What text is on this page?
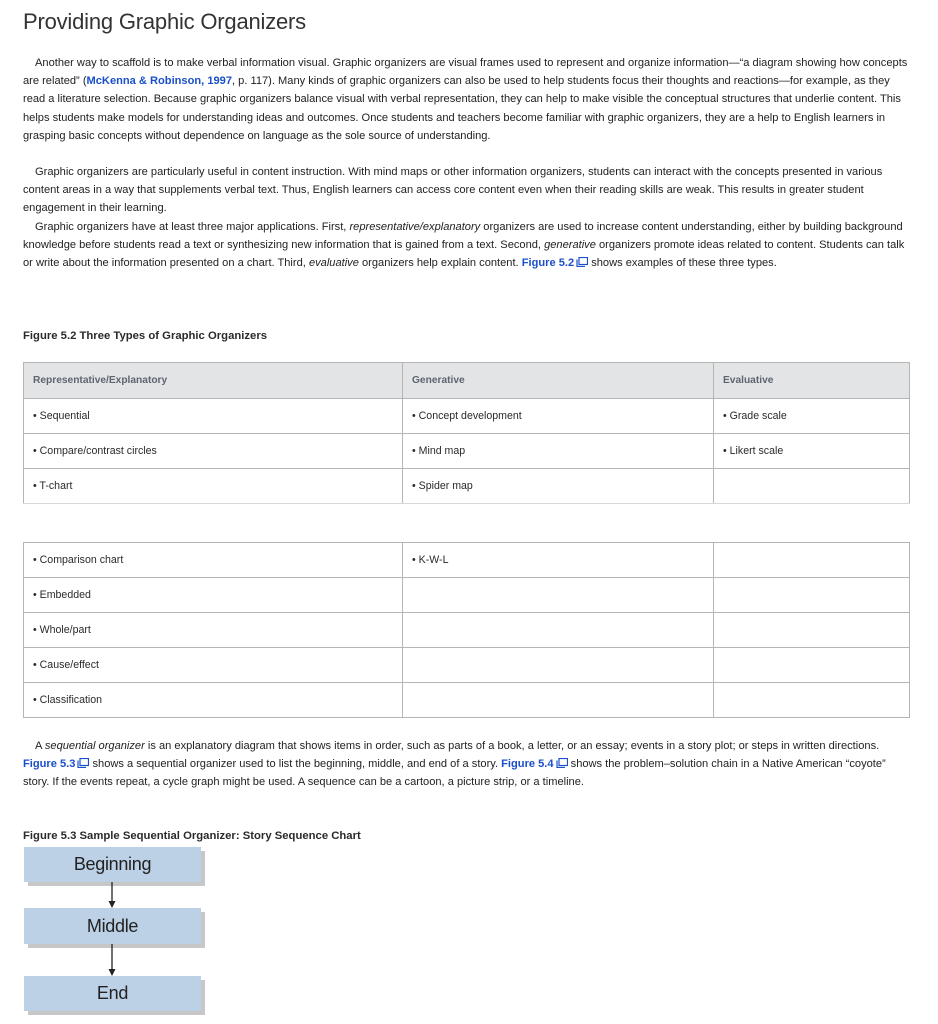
Providing Graphic Organizers

Another way to scaffold is to make verbal information visual. Graphic organizers are visual frames used to represent and organize information—“a diagram showing how concepts are related” (McKenna & Robinson, 1997, p. 117). Many kinds of graphic organizers can also be used to help students focus their thoughts and reactions—for example, as they read a literature selection. Because graphic organizers balance visual with verbal representation, they can help to make visible the conceptual structures that underlie content. This helps students make models for understanding ideas and outcomes. Once students and teachers become familiar with graphic organizers, they are a help to English learners in grasping basic concepts without dependence on language as the sole source of understanding.

Graphic organizers are particularly useful in content instruction. With mind maps or other information organizers, students can interact with the concepts presented in various content areas in a way that supplements verbal text. Thus, English learners can access core content even when their reading skills are weak. This results in greater student engagement in their learning.

Graphic organizers have at least three major applications. First, representative/explanatory organizers are used to increase content understanding, either by building background knowledge before students read a text or synthesizing new information that is gained from a text. Second, generative organizers promote ideas related to content. Students can talk or write about the information presented on a chart. Third, evaluative organizers help explain content. Figure 5.2 shows examples of these three types.

Figure 5.2 Three Types of Graphic Organizers
Representative/Explanatory	Generative	Evaluative
• Sequential	• Concept development	• Grade scale
• Compare/contrast circles	• Mind map	• Likert scale
• T-chart	• Spider map	
• Comparison chart	• K-W-L	
• Embedded		
• Whole/part		
• Cause/effect		
• Classification		

A sequential organizer is an explanatory diagram that shows items in order, such as parts of a book, a letter, or an essay; events in a story plot; or steps in written directions. Figure 5.3 shows a sequential organizer used to list the beginning, middle, and end of a story. Figure 5.4 shows the problem–solution chain in a Native American “coyote” story. If the events repeat, a cycle graph might be used. A sequence can be a cartoon, a picture strip, or a timeline.

Figure 5.3 Sample Sequential Organizer: Story Sequence Chart
Beginning
Middle
End
